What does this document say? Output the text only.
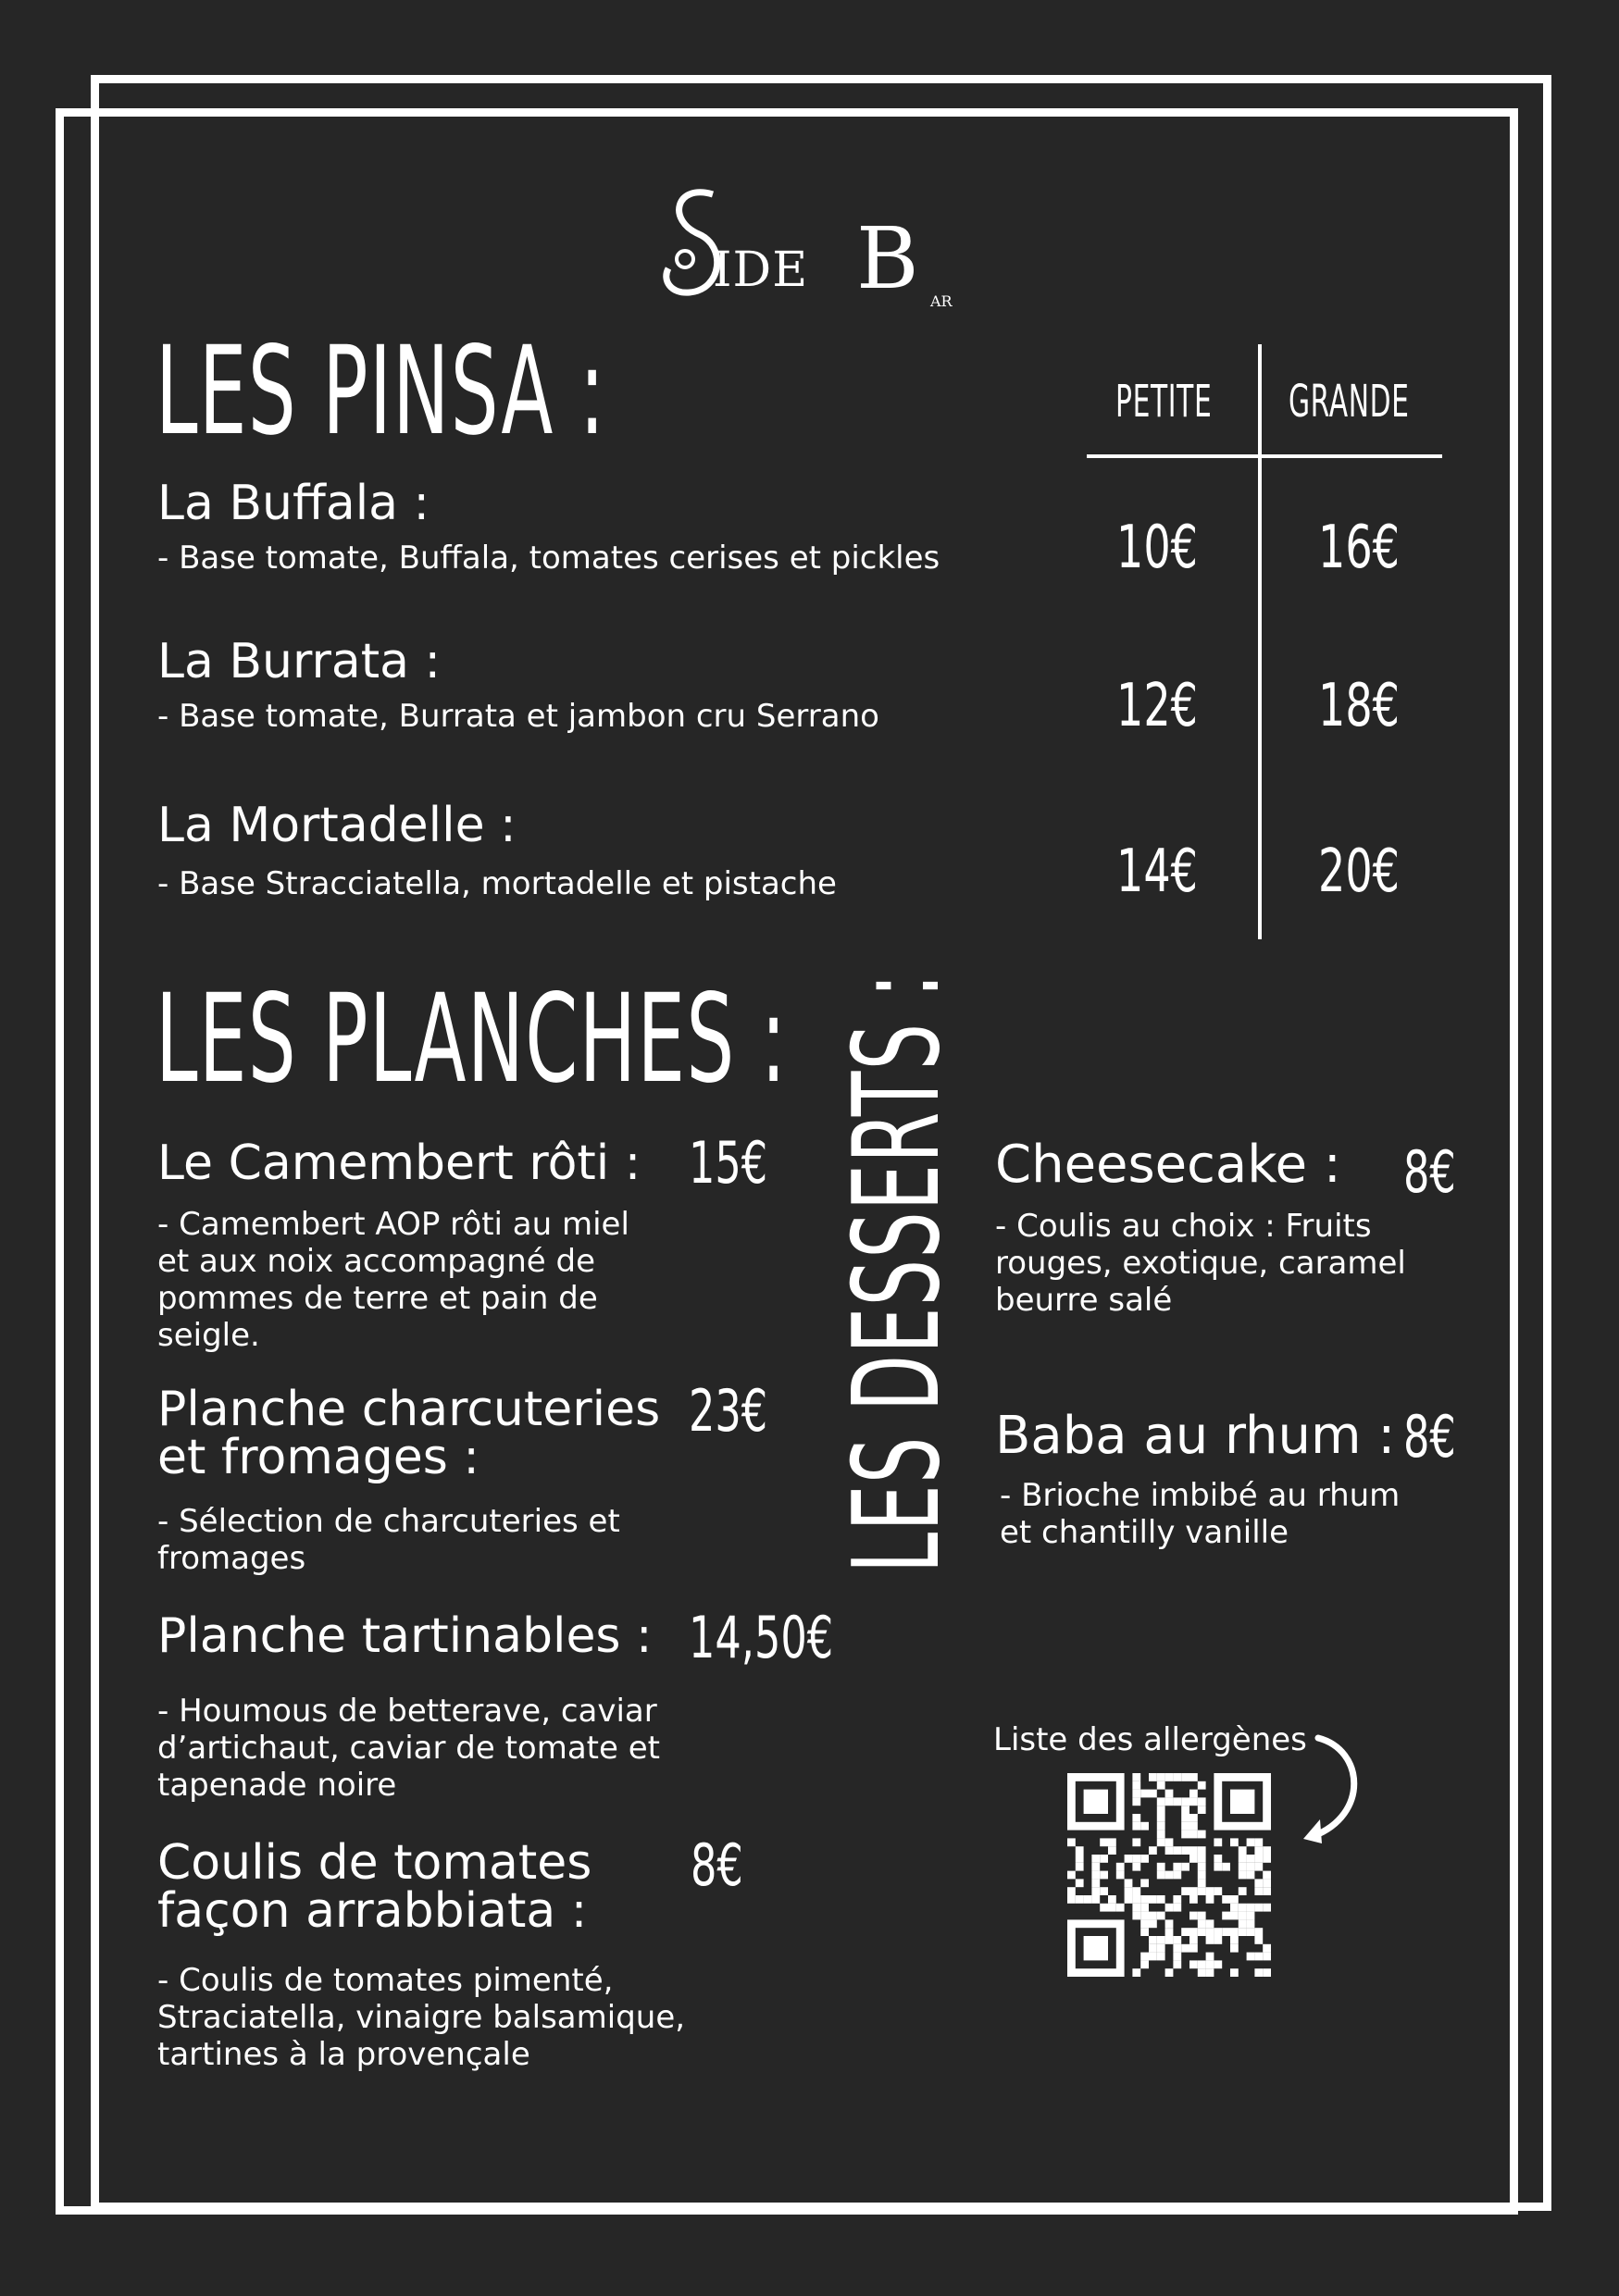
IDE B AR
LES PINSA :	PETITE GRANDE
La Buffala :
- Base tomate, Buffala, tomates cerises et pickles	10€ 16€
La Burrata :
- Base tomate, Burrata et jambon cru Serrano	12€ 18€
La Mortadelle :
- Base Stracciatella, mortadelle et pistache	14€ 20€
LES PLANCHES :
Le Camembert rôti : 15€
- Camembert AOP rôti au miel
et aux noix accompagné de
pommes de terre et pain de
seigle.
Planche charcuteries
et fromages :
23€
- Sélection de charcuteries et
fromages
Planche tartinables : 14,50€
- Houmous de betterave, caviar
d’artichaut, caviar de tomate et
tapenade noire
Coulis de tomates
façon arrabbiata :
8€
- Coulis de tomates pimenté,
Straciatella, vinaigre balsamique,
tartines à la provençale
LES DESSERTS : Cheesecake : 8€
- Coulis au choix : Fruits
rouges, exotique, caramel
beurre salé
Baba au rhum : 8€
- Brioche imbibé au rhum
et chantilly vanille
Liste des allergènes
